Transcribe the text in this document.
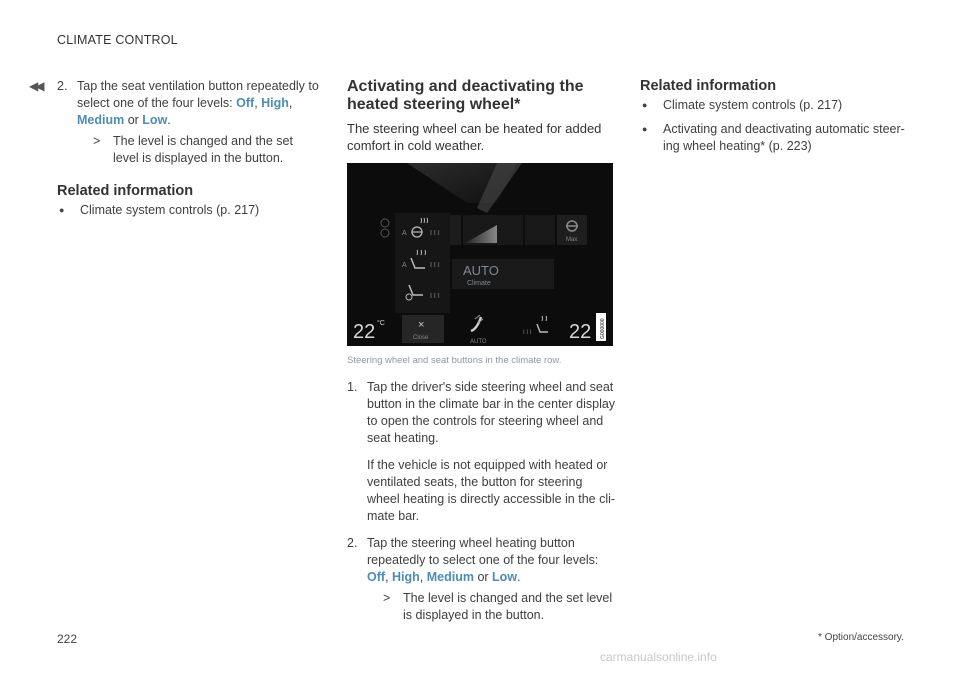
CLIMATE CONTROL
◀◀ 2. Tap the seat ventilation button repeatedly to select one of the four levels: Off, High, Medium or Low.
> The level is changed and the set level is displayed in the button.
Related information
● Climate system controls (p. 217)
Activating and deactivating the heated steering wheel*
The steering wheel can be heated for added comfort in cold weather.
Max
A	I I I
A	I I I
I I I
AUTO
Climate
22 °C	×
Close
AUTO
I I I 22 G000000
Steering wheel and seat buttons in the climate row.
1. Tap the driver's side steering wheel and seat button in the climate bar in the center display to open the controls for steering wheel and seat heating.
If the vehicle is not equipped with heated or ventilated seats, the button for steering wheel heating is directly accessible in the cli- mate bar.
2. Tap the steering wheel heating button repeatedly to select one of the four levels:
Off, High, Medium or Low.
> The level is changed and the set level is displayed in the button.
Related information
● Climate system controls (p. 217)
● Activating and deactivating automatic steer- ing wheel heating* (p. 223)
222	* Option/accessory.
carmanualsonline.info
